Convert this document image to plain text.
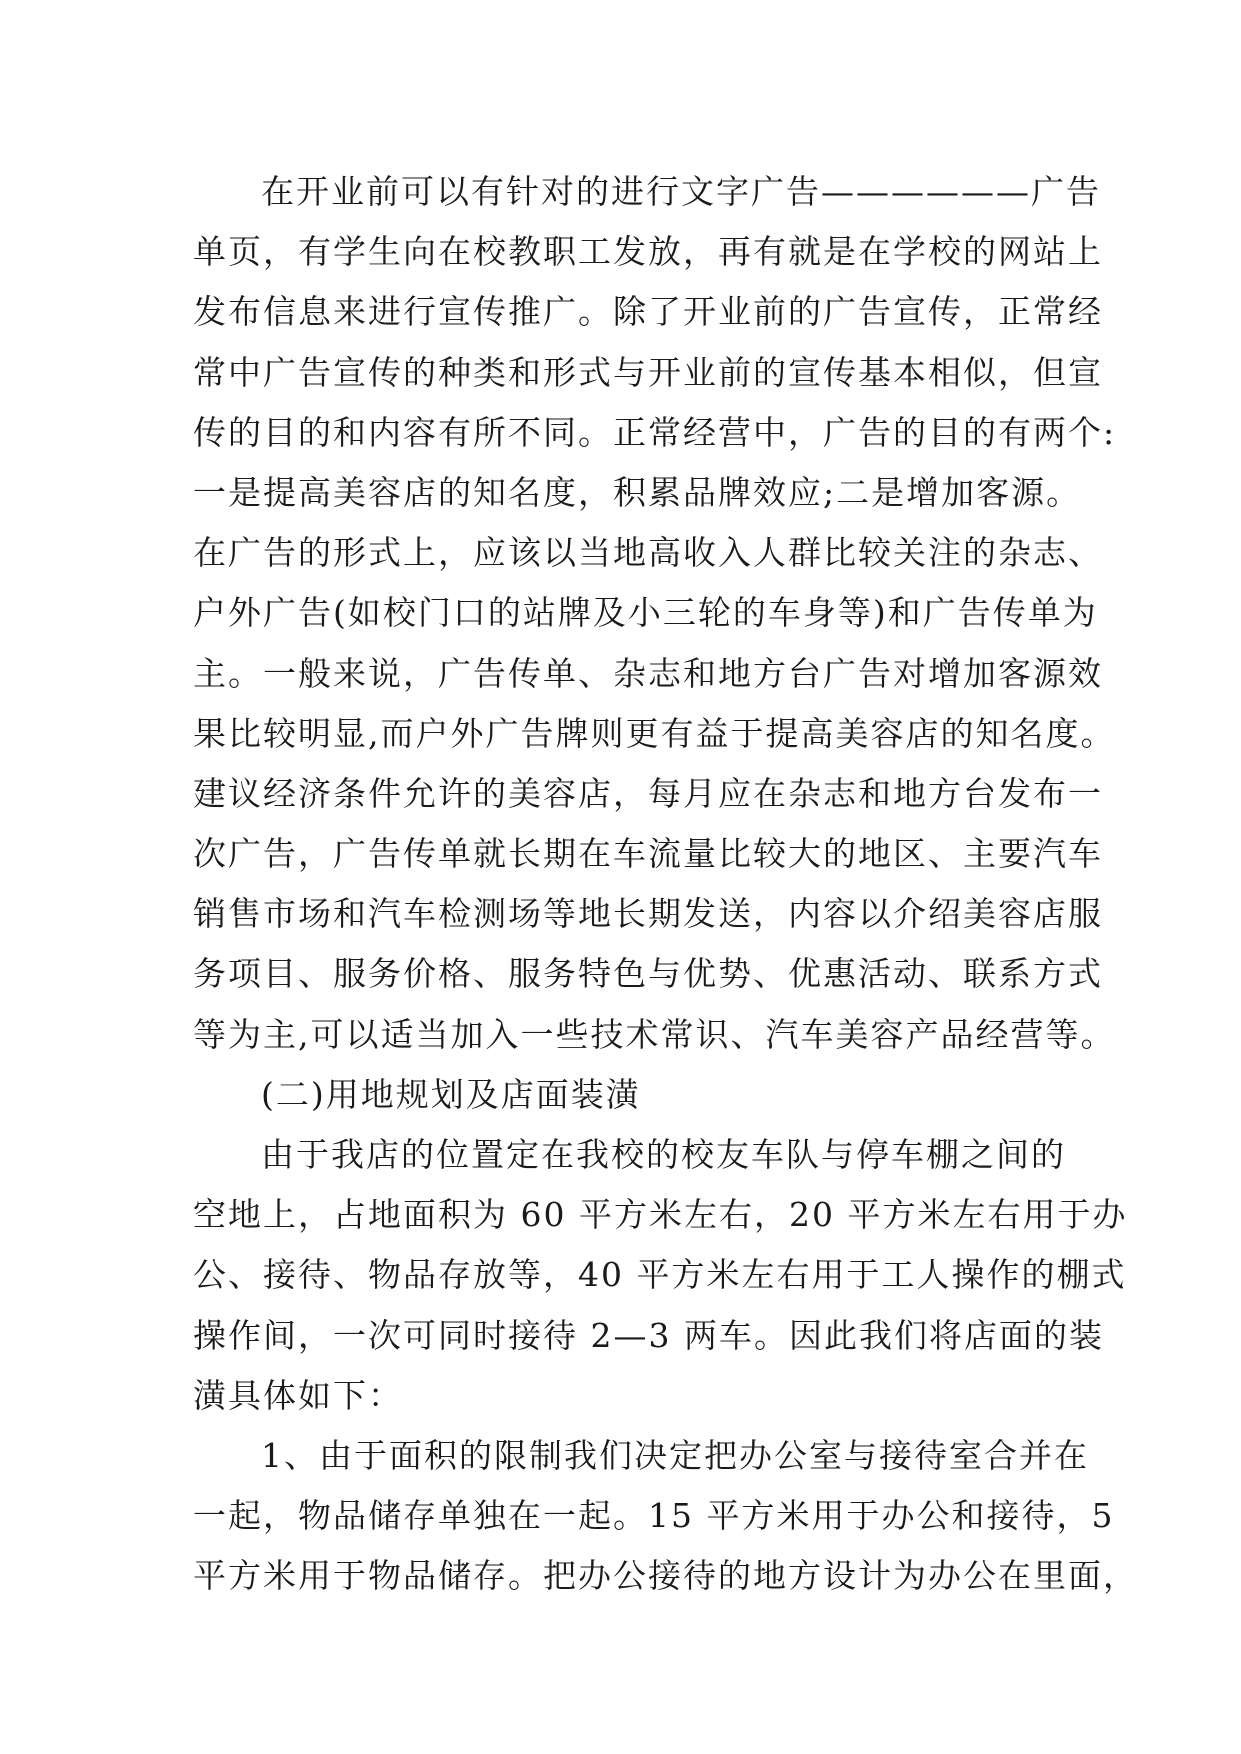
在开业前可以有针对的进行文字广告——————广告
单页，有学生向在校教职工发放，再有就是在学校的网站上
发布信息来进行宣传推广。除了开业前的广告宣传，正常经
常中广告宣传的种类和形式与开业前的宣传基本相似，但宣
传的目的和内容有所不同。正常经营中，广告的目的有两个:
一是提高美容店的知名度，积累品牌效应;二是增加客源。
在广告的形式上，应该以当地高收入人群比较关注的杂志、
户外广告(如校门口的站牌及小三轮的车身等)和广告传单为
主。一般来说，广告传单、杂志和地方台广告对增加客源效
果比较明显,而户外广告牌则更有益于提高美容店的知名度。
建议经济条件允许的美容店，每月应在杂志和地方台发布一
次广告，广告传单就长期在车流量比较大的地区、主要汽车
销售市场和汽车检测场等地长期发送，内容以介绍美容店服
务项目、服务价格、服务特色与优势、优惠活动、联系方式
等为主,可以适当加入一些技术常识、汽车美容产品经营等。
(二)用地规划及店面装潢
由于我店的位置定在我校的校友车队与停车棚之间的
空地上，占地面积为 60 平方米左右，20 平方米左右用于办
公、接待、物品存放等，40 平方米左右用于工人操作的棚式
操作间，一次可同时接待 2—3 两车。因此我们将店面的装
潢具体如下：
1、由于面积的限制我们决定把办公室与接待室合并在
一起，物品储存单独在一起。15 平方米用于办公和接待，5
平方米用于物品储存。把办公接待的地方设计为办公在里面，
